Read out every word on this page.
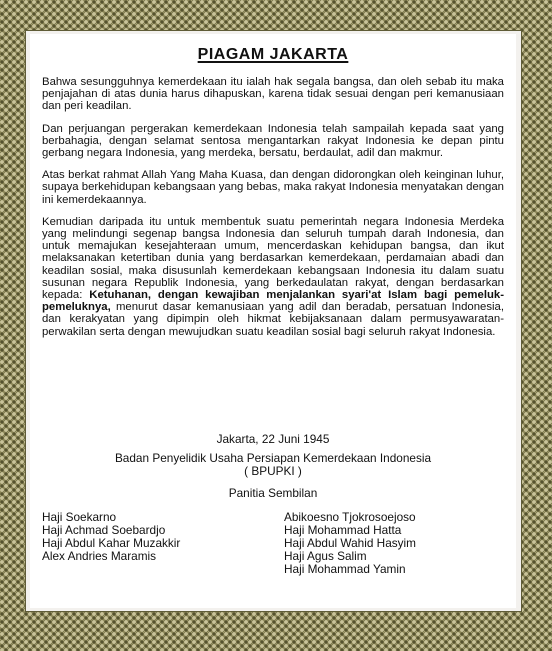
PIAGAM JAKARTA

Bahwa sesungguhnya kemerdekaan itu ialah hak segala bangsa, dan oleh sebab itu maka penjajahan di atas dunia harus dihapuskan, karena tidak sesuai dengan peri kemanusiaan dan peri keadilan.

Dan perjuangan pergerakan kemerdekaan Indonesia telah sampailah kepada saat yang berbahagia, dengan selamat sentosa mengantarkan rakyat Indonesia ke depan pintu gerbang negara Indonesia, yang merdeka, bersatu, berdaulat, adil dan makmur.

Atas berkat rahmat Allah Yang Maha Kuasa, dan dengan didorongkan oleh keinginan luhur, supaya berkehidupan kebangsaan yang bebas, maka rakyat Indonesia menyatakan dengan ini kemerdekaannya.

Kemudian daripada itu untuk membentuk suatu pemerintah negara Indonesia Merdeka yang melindungi segenap bangsa Indonesia dan seluruh tumpah darah Indonesia, dan untuk memajukan kesejahteraan umum, mencerdaskan kehidupan bangsa, dan ikut melaksanakan ketertiban dunia yang berdasarkan kemerdekaan, perdamaian abadi dan keadilan sosial, maka disusunlah kemerdekaan kebangsaan Indonesia itu dalam suatu susunan negara Republik Indonesia, yang berkedaulatan rakyat, dengan berdasarkan kepada: Ketuhanan, dengan kewajiban menjalankan syari'at Islam bagi pemeluk-pemeluknya, menurut dasar kemanusiaan yang adil dan beradab, persatuan Indonesia, dan kerakyatan yang dipimpin oleh hikmat kebijaksanaan dalam permusyawaratan-perwakilan serta dengan mewujudkan suatu keadilan sosial bagi seluruh rakyat Indonesia.

Jakarta, 22 Juni 1945
Badan Penyelidik Usaha Persiapan Kemerdekaan Indonesia
( BPUPKI )
Panitia Sembilan
Haji Soekarno
Haji Achmad Soebardjo
Haji Abdul Kahar Muzakkir
Alex Andries Maramis
Abikoesno Tjokrosoejoso
Haji Mohammad Hatta
Haji Abdul Wahid Hasyim
Haji Agus Salim
Haji Mohammad Yamin
